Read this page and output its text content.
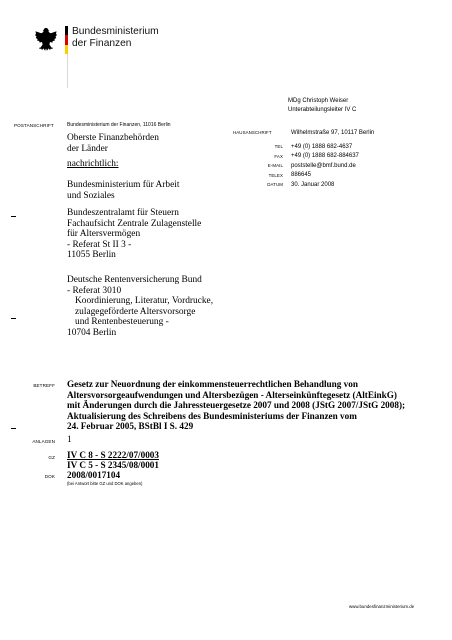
Bundesministerium
der Finanzen
MDg Christoph Weiser
Unterabteilungsleiter IV C
POSTANSCHRIFT	Bundesministerium der Finanzen, 11016 Berlin
Oberste Finanzbehörden
der Länder
nachrichtlich:
Bundesministerium für Arbeit
und Soziales
Bundeszentralamt für Steuern
Fachaufsicht Zentrale Zulagenstelle
für Altersvermögen
- Referat St II 3 -
11055 Berlin
Deutsche Rentenversicherung Bund
- Referat 3010
Koordinierung, Literatur, Vordrucke,
zulagegeförderte Altersvorsorge
und Rentenbesteuerung -
10704 Berlin
HAUSANSCHRIFT	Wilhelmstraße 97, 10117 Berlin
TEL	+49 (0) 1888 682-4637
FAX	+49 (0) 1888 682-884637
E-MAIL	poststelle@bmf.bund.de
TELEX	886645
DATUM	30. Januar 2008
BETREFF Gesetz zur Neuordnung der einkommensteuerrechtlichen Behandlung von
Altersvorsorgeaufwendungen und Altersbezügen - Alterseinkünftegesetz (AltEinkG)
mit Änderungen durch die Jahressteuergesetze 2007 und 2008 (JStG 2007/JStG 2008);
Aktualisierung des Schreibens des Bundesministeriums der Finanzen vom
24. Februar 2005, BStBl I S. 429
ANLAGEN 1
GZ IV C 8 - S 2222/07/0003
IV C 5 - S 2345/08/0001
DOK 2008/0017104
(bei Antwort bitte GZ und DOK angeben)
www.bundesfinanzministerium.de
